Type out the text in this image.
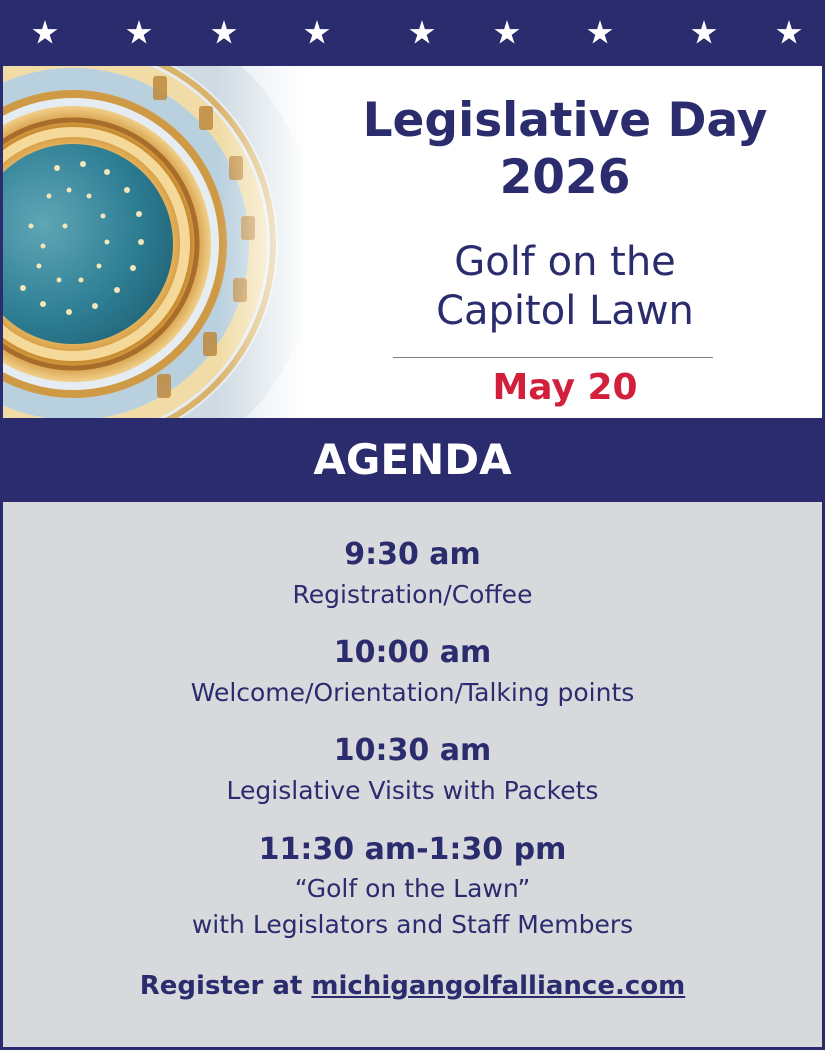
Legislative Day
2026
Golf on the
Capitol Lawn
May 20
AGENDA
9:30 am
Registration/Coffee
10:00 am
Welcome/Orientation/Talking points
10:30 am
Legislative Visits with Packets
11:30 am-1:30 pm
“Golf on the Lawn”
with Legislators and Staff Members
Register at michigangolfalliance.com
